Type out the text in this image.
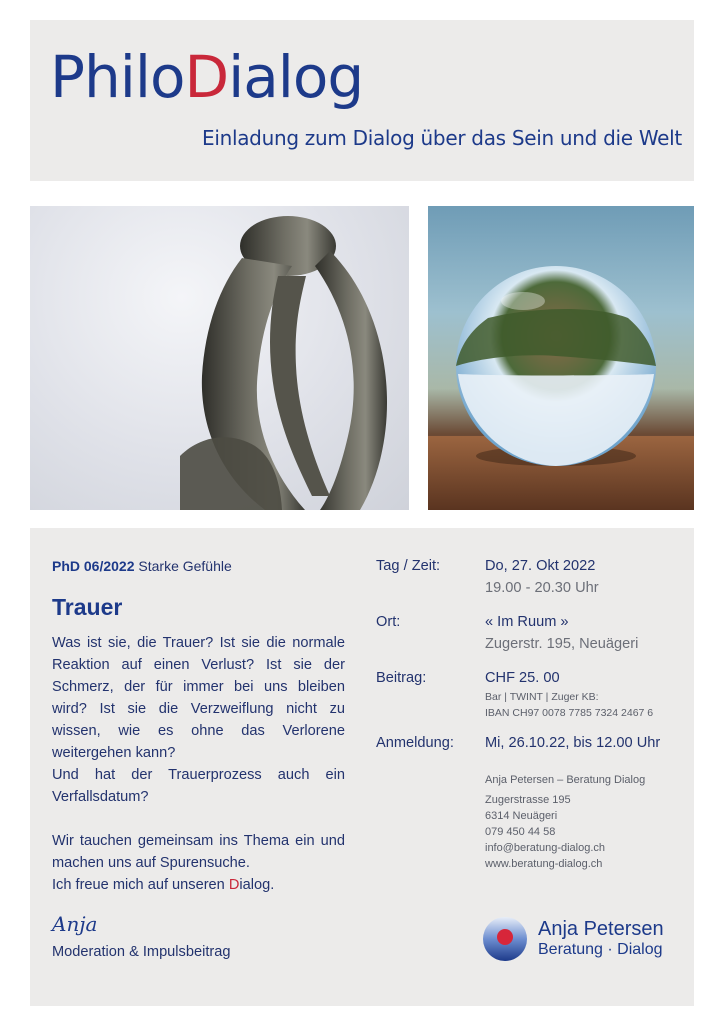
PhiloDialog
Einladung zum Dialog über das Sein und die Welt
PhD 06/2022 Starke Gefühle
Trauer

Was ist sie, die Trauer? Ist sie die normale Reaktion auf einen Verlust? Ist sie der Schmerz, der für immer bei uns bleiben wird? Ist sie die Verzweiflung nicht zu wissen, wie es ohne das Verlorene weitergehen kann?

Und hat der Trauerprozess auch ein Verfallsdatum?

Wir tauchen gemeinsam ins Thema ein und machen uns auf Spurensuche.

Ich freue mich auf unseren Dialog.

Anja
Moderation & Impulsbeitrag
Tag / Zeit:	Do, 27. Okt 2022
19.00 - 20.30 Uhr
Ort:	« Im Ruum »
Zugerstr. 195, Neuägeri
Beitrag:	CHF 25. 00
Bar | TWINT | Zuger KB:
IBAN CH97 0078 7785 7324 2467 6
Anmeldung: Mi, 26.10.22, bis 12.00 Uhr
Anja Petersen – Beratung Dialog
Zugerstrasse 195
6314 Neuägeri
079 450 44 58
info@beratung-dialog.ch
www.beratung-dialog.ch
Anja Petersen
Beratung · Dialog
